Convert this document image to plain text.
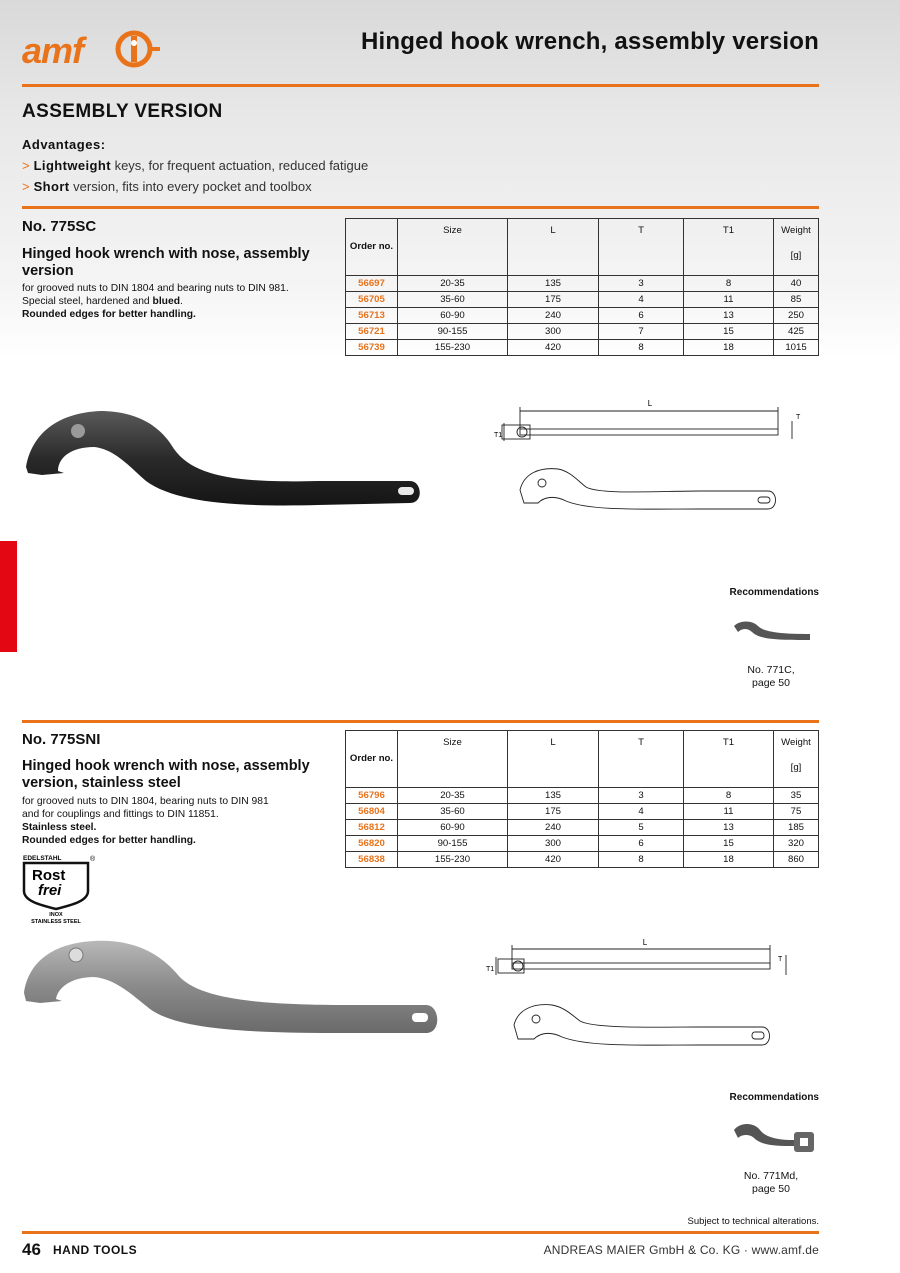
amf	Hinged hook wrench, assembly version
ASSEMBLY VERSION
Advantages:
> Lightweight keys, for frequent actuation, reduced fatigue
> Short version, fits into every pocket and toolbox
No. 775SC
Hinged hook wrench with nose, assembly version
for grooved nuts to DIN 1804 and bearing nuts to DIN 981.
Special steel, hardened and blued.
Rounded edges for better handling.
Order no.	Size	L	T	T1	Weight
[g]

56697	20-35	135	3	8	40
56705	35-60	175	4	11	85
56713	60-90	240	6	13	250
56721	90-155	300	7	15	425
56739	155-230	420	8	18	1015
L
T
T1
Recommendations
No. 771C,
page 50
No. 775SNI
Hinged hook wrench with nose, assembly version, stainless steel
for grooved nuts to DIN 1804, bearing nuts to DIN 981
and for couplings and fittings to DIN 11851.
Stainless steel.
Rounded edges for better handling.
EDELSTAHL	®
Rost
frei
INOX
STAINLESS STEEL
Order no.	Size	L	T	T1	Weight
[g]

56796	20-35	135	3	8	35
56804	35-60	175	4	11	75
56812	60-90	240	5	13	185
56820	90-155	300	6	15	320
56838	155-230	420	8	18	860
L
T
T1
Recommendations
No. 771Md,
page 50
Subject to technical alterations.
46 HAND TOOLS	ANDREAS MAIER GmbH & Co. KG · www.amf.de
